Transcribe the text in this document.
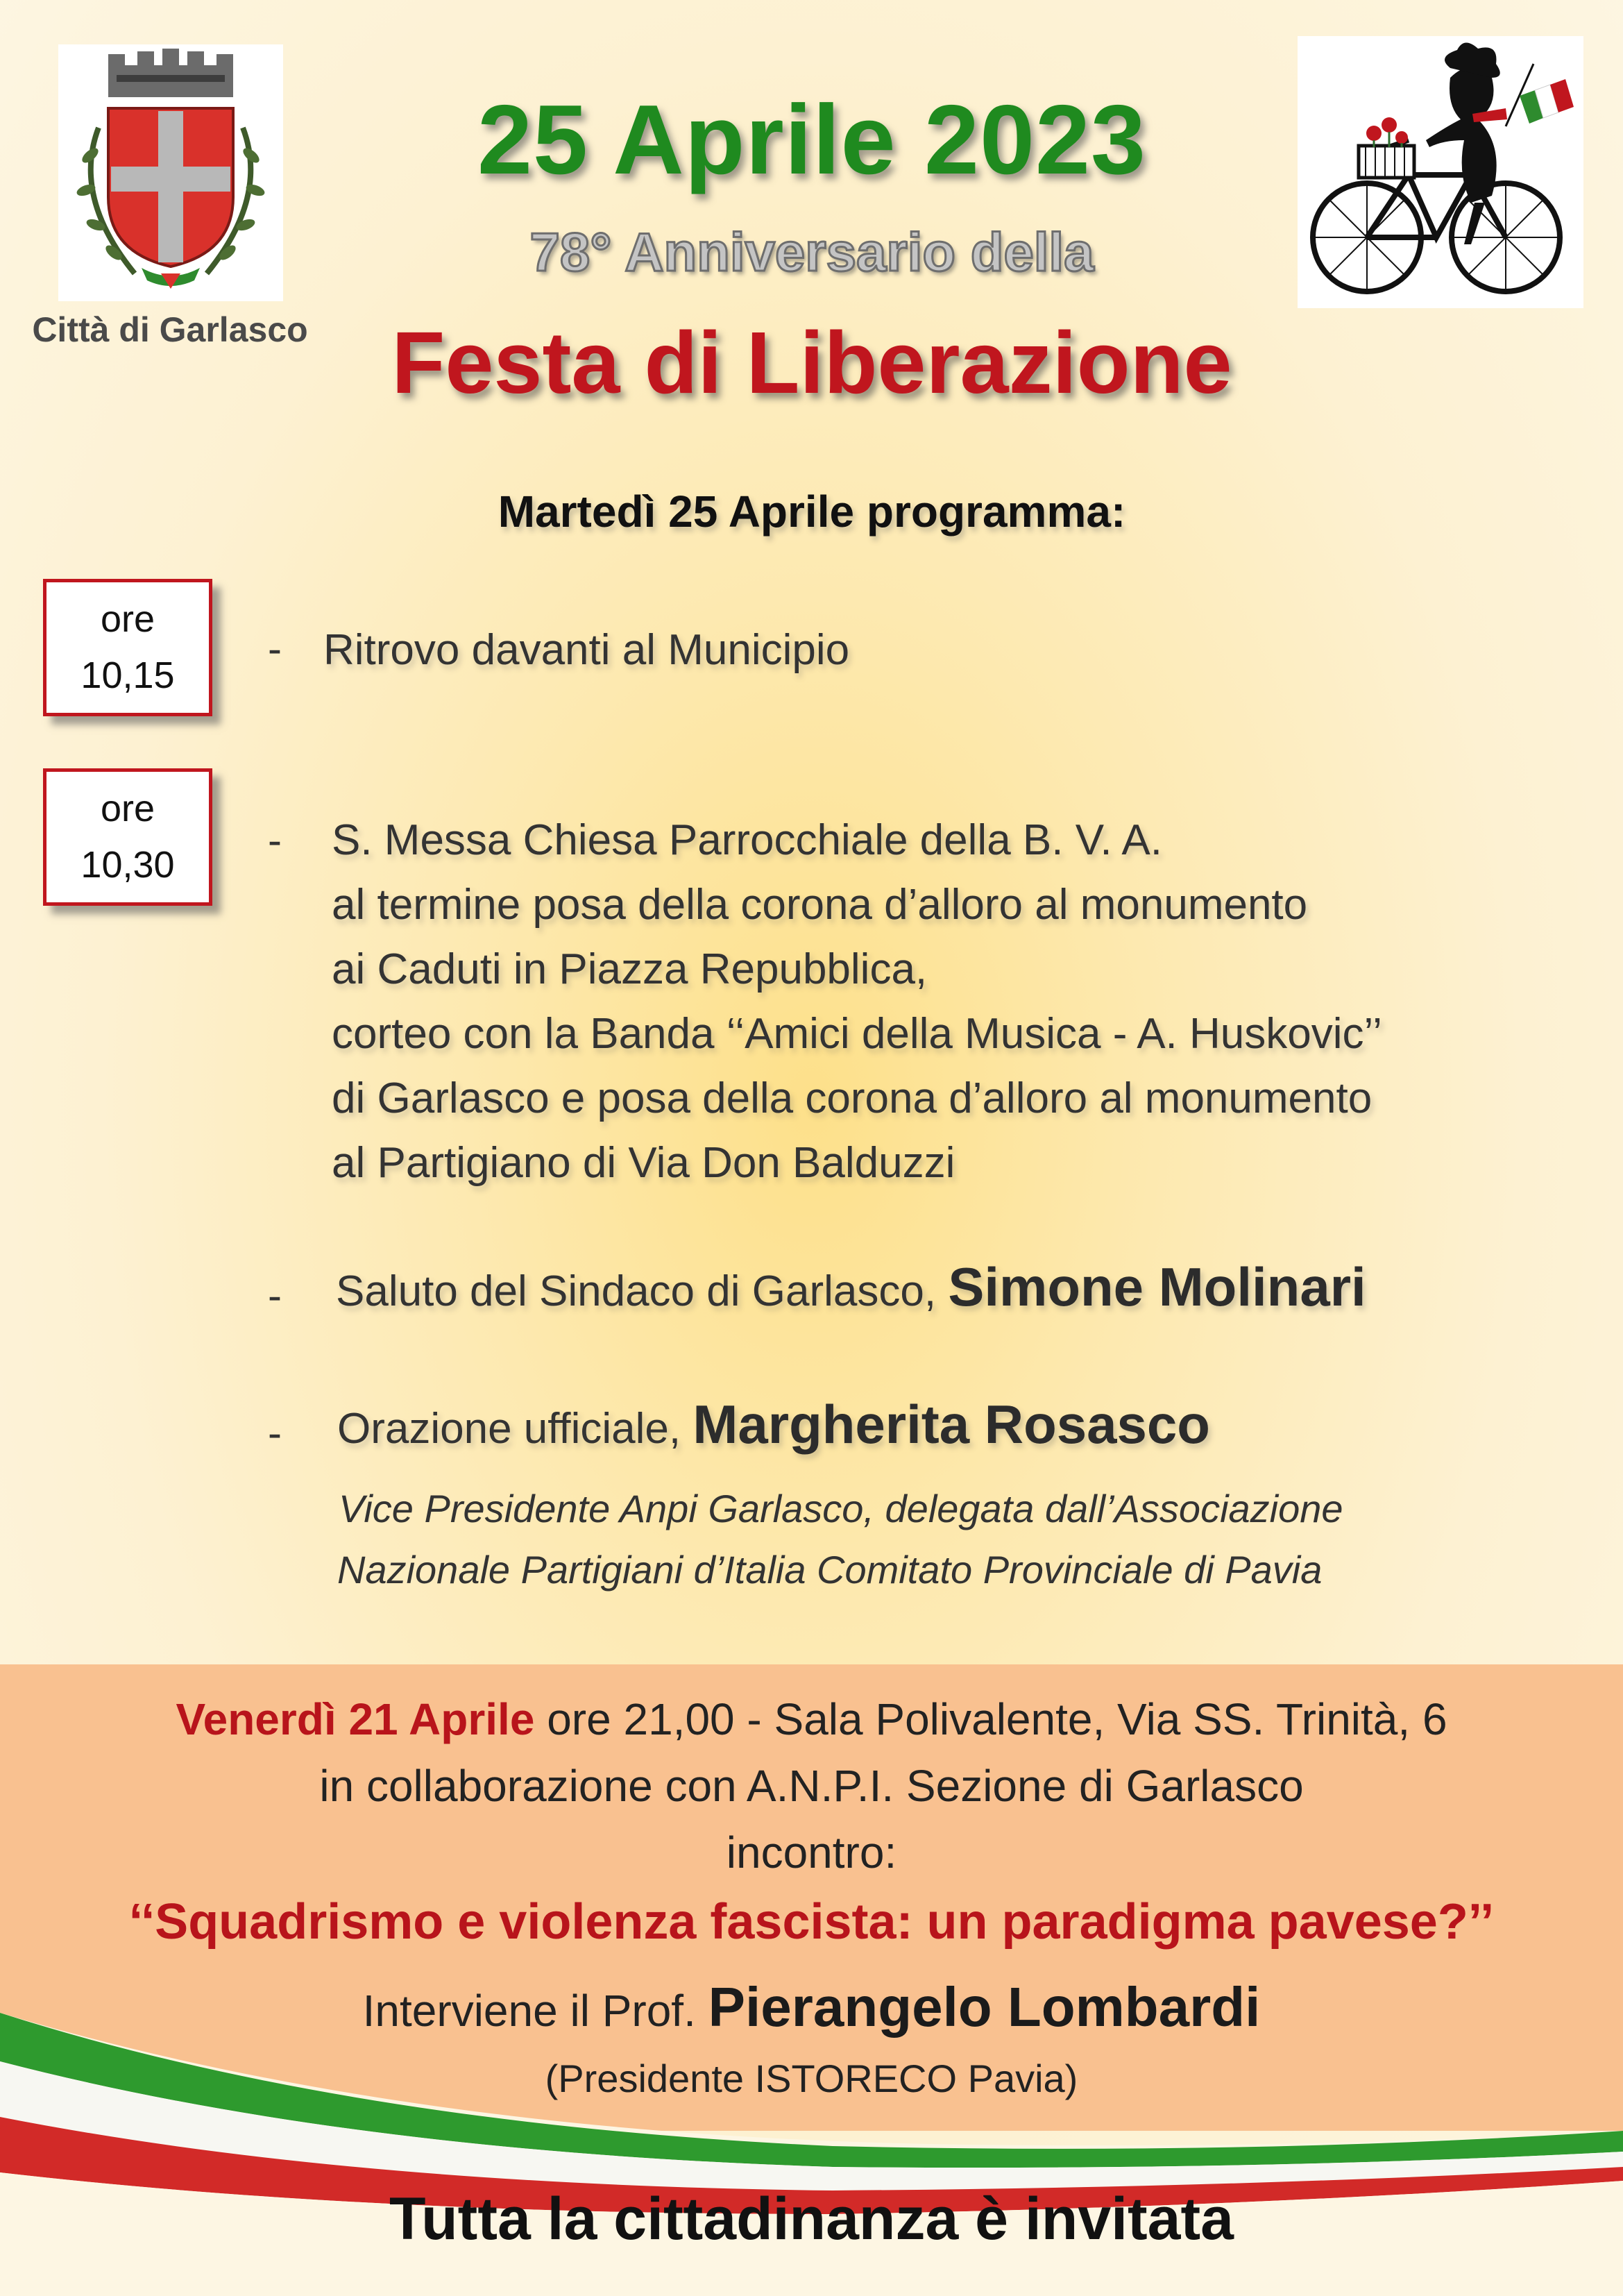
Città di Garlasco
25 Aprile 2023
78° Anniversario della
Festa di Liberazione
Martedì 25 Aprile programma:
ore
10,15
- Ritrovo davanti al Municipio
ore
10,30
- S. Messa Chiesa Parrocchiale della B. V. A.
al termine posa della corona d’alloro al monumento
ai Caduti in Piazza Repubblica,
corteo con la Banda ‘‘Amici della Musica - A. Huskovic’’
di Garlasco e posa della corona d’alloro al monumento
al Partigiano di Via Don Balduzzi
- Saluto del Sindaco di Garlasco, Simone Molinari
- Orazione ufficiale, Margherita Rosasco
Vice Presidente Anpi Garlasco, delegata dall’Associazione
Nazionale Partigiani d’Italia Comitato Provinciale di Pavia
Venerdì 21 Aprile ore 21,00 - Sala Polivalente, Via SS. Trinità, 6
in collaborazione con A.N.P.I. Sezione di Garlasco
incontro:
‘‘Squadrismo e violenza fascista: un paradigma pavese?’’
Interviene il Prof. Pierangelo Lombardi
(Presidente ISTORECO Pavia)
Tutta la cittadinanza è invitata
